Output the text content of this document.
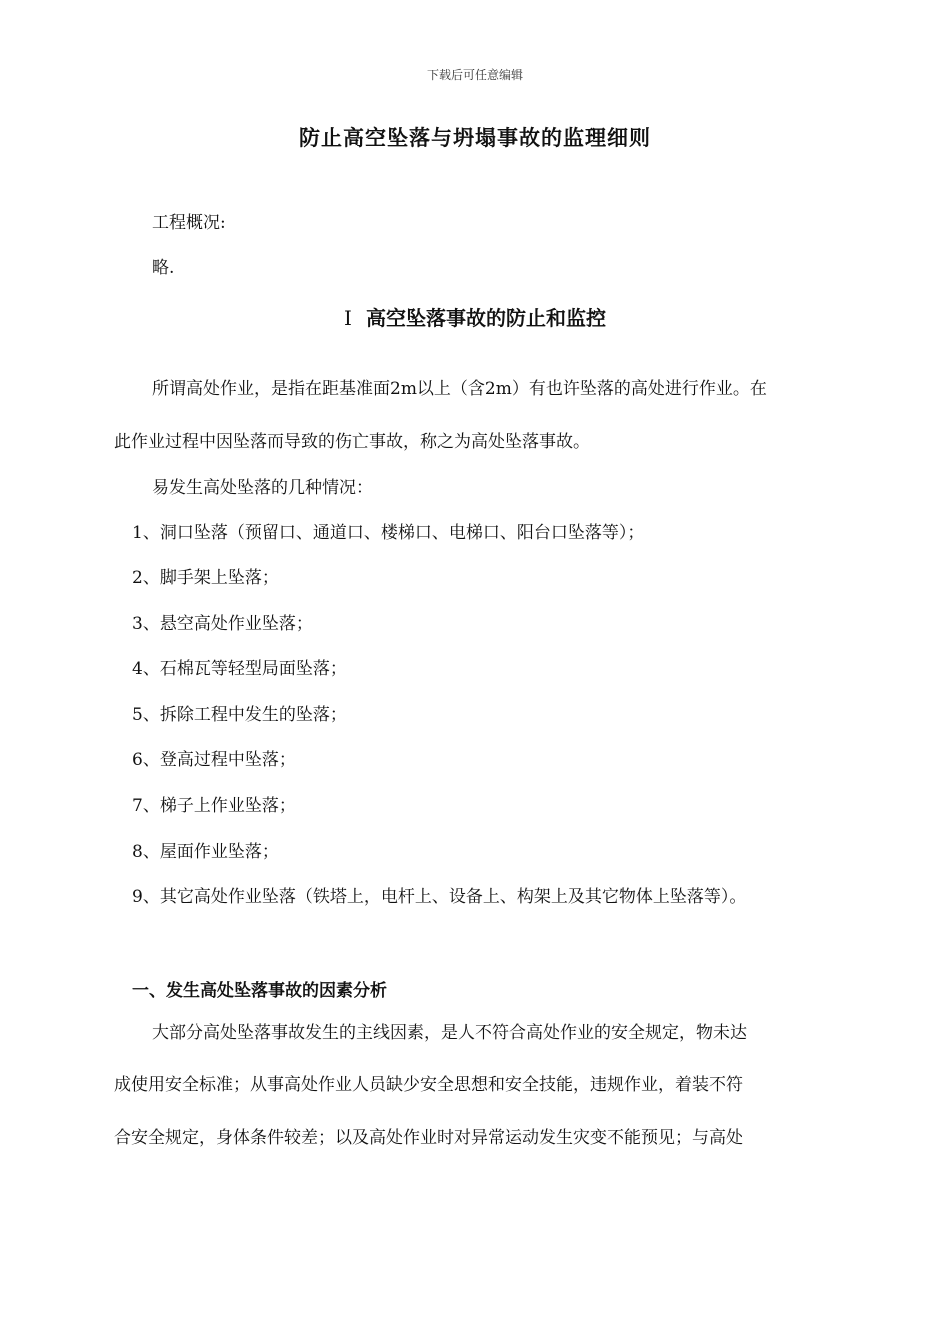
下载后可任意编辑
防止高空坠落与坍塌事故的监理细则
工程概况:
略.
Ⅰ 高空坠落事故的防止和监控
所谓高处作业，是指在距基准面2m以上（含2m）有也许坠落的高处进行作业。在
此作业过程中因坠落而导致的伤亡事故，称之为高处坠落事故。
易发生高处坠落的几种情况：
1、洞口坠落（预留口、通道口、楼梯口、电梯口、阳台口坠落等）；
2、脚手架上坠落；
3、悬空高处作业坠落；
4、石棉瓦等轻型局面坠落；
5、拆除工程中发生的坠落；
6、登高过程中坠落；
7、梯子上作业坠落；
8、屋面作业坠落；
9、其它高处作业坠落（铁塔上，电杆上、设备上、构架上及其它物体上坠落等）。
一、发生高处坠落事故的因素分析
大部分高处坠落事故发生的主线因素，是人不符合高处作业的安全规定，物未达
成使用安全标准；从事高处作业人员缺少安全思想和安全技能，违规作业，着装不符
合安全规定，身体条件较差；以及高处作业时对异常运动发生灾变不能预见；与高处
